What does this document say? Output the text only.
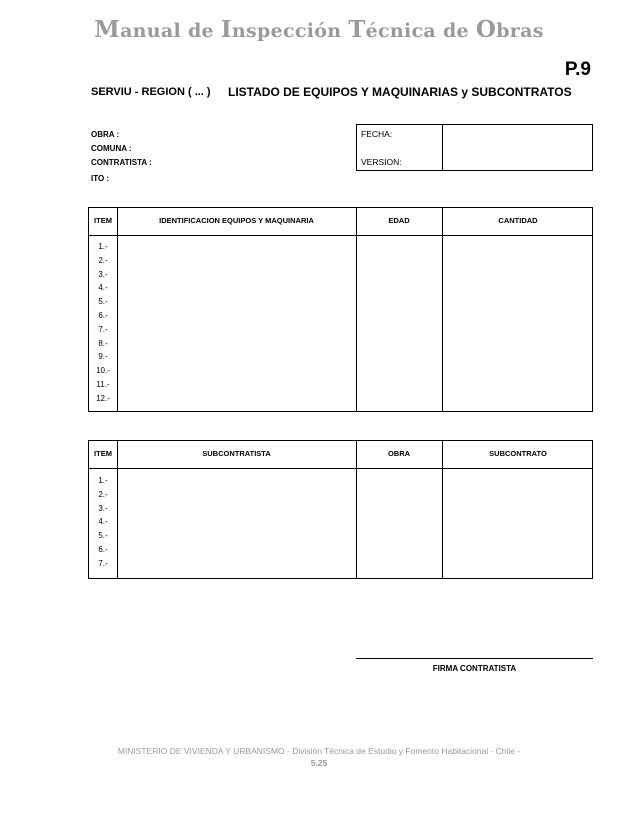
Manual de Inspección Técnica de Obras
P.9
SERVIU - REGION ( ... ) LISTADO DE EQUIPOS Y MAQUINARIAS y SUBCONTRATOS
OBRA :
COMUNA :
CONTRATISTA :
ITO :
FECHA:
VERSION:
ITEM	IDENTIFICACION EQUIPOS Y MAQUINARIA	EDAD	CANTIDAD
1.-
2.-
3.-
4.-
5.-
6.-
7.-
8.-
9.-
10.-
11.-
12.-
ITEM	SUBCONTRATISTA	OBRA	SUBCONTRATO
1.-
2.-
3.-
4.-
5.-
6.-
7.-
FIRMA CONTRATISTA
MINISTERIO DE VIVIENDA Y URBANISMO - División Técnica de Estudio y Fomento Habitacional - Chile -
5.25
